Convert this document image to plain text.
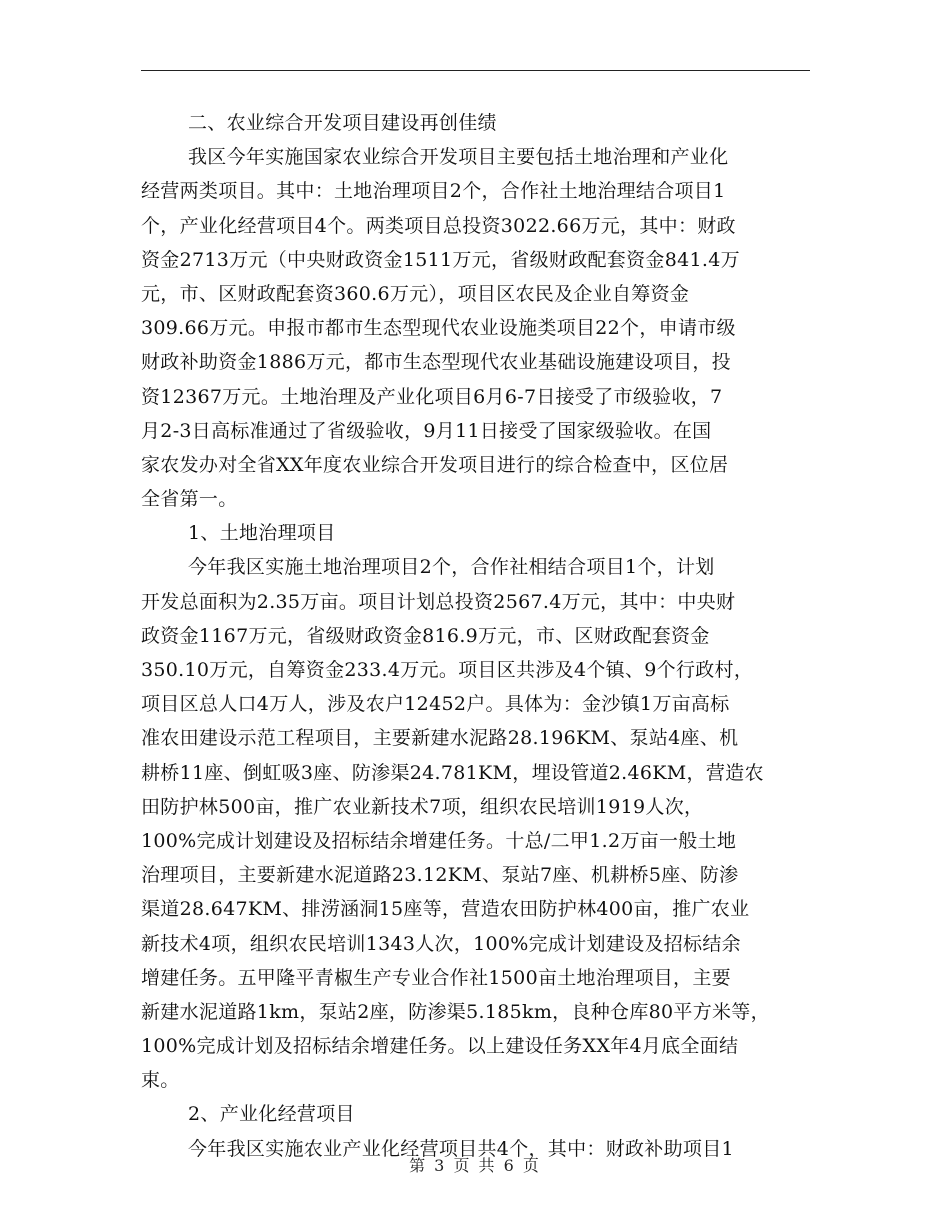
二、农业综合开发项目建设再创佳绩
我区今年实施国家农业综合开发项目主要包括土地治理和产业化
经营两类项目。其中：土地治理项目2个，合作社土地治理结合项目1
个，产业化经营项目4个。两类项目总投资3022.66万元，其中：财政
资金2713万元（中央财政资金1511万元，省级财政配套资金841.4万
元，市、区财政配套资360.6万元），项目区农民及企业自筹资金
309.66万元。申报市都市生态型现代农业设施类项目22个，申请市级
财政补助资金1886万元，都市生态型现代农业基础设施建设项目，投
资12367万元。土地治理及产业化项目6月6-7日接受了市级验收，7
月2-3日高标准通过了省级验收，9月11日接受了国家级验收。在国
家农发办对全省XX年度农业综合开发项目进行的综合检查中，区位居
全省第一。
1、土地治理项目
今年我区实施土地治理项目2个，合作社相结合项目1个，计划
开发总面积为2.35万亩。项目计划总投资2567.4万元，其中：中央财
政资金1167万元，省级财政资金816.9万元，市、区财政配套资金
350.10万元，自筹资金233.4万元。项目区共涉及4个镇、9个行政村，
项目区总人口4万人，涉及农户12452户。具体为：金沙镇1万亩高标
准农田建设示范工程项目，主要新建水泥路28.196KM、泵站4座、机
耕桥11座、倒虹吸3座、防渗渠24.781KM，埋设管道2.46KM，营造农
田防护林500亩，推广农业新技术7项，组织农民培训1919人次，
100%完成计划建设及招标结余增建任务。十总/二甲1.2万亩一般土地
治理项目，主要新建水泥道路23.12KM、泵站7座、机耕桥5座、防渗
渠道28.647KM、排涝涵洞15座等，营造农田防护林400亩，推广农业
新技术4项，组织农民培训1343人次，100%完成计划建设及招标结余
增建任务。五甲隆平青椒生产专业合作社1500亩土地治理项目，主要
新建水泥道路1km，泵站2座，防渗渠5.185km，良种仓库80平方米等，
100%完成计划及招标结余增建任务。以上建设任务XX年4月底全面结
束。
2、产业化经营项目
今年我区实施农业产业化经营项目共4个，其中：财政补助项目1
第 3 页 共 6 页
